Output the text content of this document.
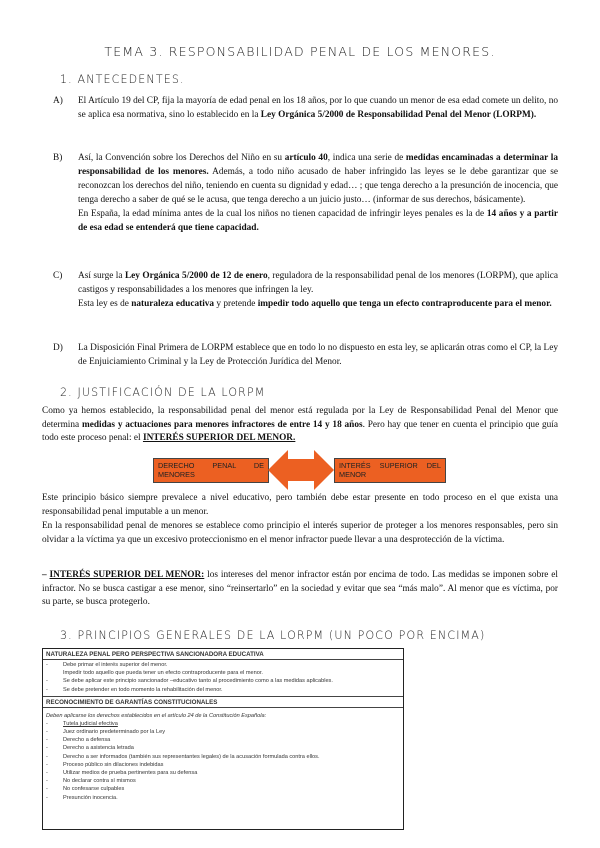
TEMA 3. RESPONSABILIDAD PENAL DE LOS MENORES.
1. ANTECEDENTES.
A) El Artículo 19 del CP, fija la mayoría de edad penal en los 18 años, por lo que cuando un menor de esa edad comete un delito, no se aplica esa normativa, sino lo establecido en la Ley Orgánica 5/2000 de Responsabilidad Penal del Menor (LORPM).

B) Así, la Convención sobre los Derechos del Niño en su artículo 40, indica una serie de medidas encaminadas a determinar la responsabilidad de los menores. Además, a todo niño acusado de haber infringido las leyes se le debe garantizar que se reconozcan los derechos del niño, teniendo en cuenta su dignidad y edad… ; que tenga derecho a la presunción de inocencia, que tenga derecho a saber de qué se le acusa, que tenga derecho a un juicio justo… (informar de sus derechos, básicamente).

En España, la edad mínima antes de la cual los niños no tienen capacidad de infringir leyes penales es la de 14 años y a partir de esa edad se entenderá que tiene capacidad.

C) Así surge la Ley Orgánica 5/2000 de 12 de enero, reguladora de la responsabilidad penal de los menores (LORPM), que aplica castigos y responsabilidades a los menores que infringen la ley.

Esta ley es de naturaleza educativa y pretende impedir todo aquello que tenga un efecto contraproducente para el menor.

D) La Disposición Final Primera de LORPM establece que en todo lo no dispuesto en esta ley, se aplicarán otras como el CP, la Ley de Enjuiciamiento Criminal y la Ley de Protección Jurídica del Menor.

2. JUSTIFICACIÓN DE LA LORPM

Como ya hemos establecido, la responsabilidad penal del menor está regulada por la Ley de Responsabilidad Penal del Menor que determina medidas y actuaciones para menores infractores de entre 14 y 18 años. Pero hay que tener en cuenta el principio que guía todo este proceso penal: el INTERÉS SUPERIOR DEL MENOR.

DERECHO PENAL DE MENORES
INTERÉS SUPERIOR DEL MENOR

Este principio básico siempre prevalece a nivel educativo, pero también debe estar presente en todo proceso en el que exista una responsabilidad penal imputable a un menor.

En la responsabilidad penal de menores se establece como principio el interés superior de proteger a los menores responsables, pero sin olvidar a la víctima ya que un excesivo proteccionismo en el menor infractor puede llevar a una desprotección de la víctima.

– INTERÉS SUPERIOR DEL MENOR: los intereses del menor infractor están por encima de todo. Las medidas se imponen sobre el infractor. No se busca castigar a ese menor, sino “reinsertarlo” en la sociedad y evitar que sea “más malo”. Al menor que es víctima, por su parte, se busca protegerlo.

3. PRINCIPIOS GENERALES DE LA LORPM (UN POCO POR ENCIMA)
NATURALEZA PENAL PERO PERSPECTIVA SANCIONADORA EDUCATIVA
-	Debe primar el interés superior del menor.
Impedir todo aquello que pueda tener un efecto contraproducente para el menor.
-	Se debe aplicar este principio sancionador –educativo tanto al procedimiento como a las medidas aplicables.
-	Se debe pretender en todo momento la rehabilitación del menor.
RECONOCIMIENTO DE GARANTÍAS CONSTITUCIONALES
Deben aplicarse los derechos establecidos en el artículo 24 de la Constitución Española:
-	Tutela judicial efectiva
-	Juez ordinario predeterminado por la Ley
-	Derecho a defensa
-	Derecho a asistencia letrada
-	Derecho a ser informados (también sus representantes legales) de la acusación formulada contra ellos.
-	Proceso público sin dilaciones indebidas
-	Utilizar medios de prueba pertinentes para su defensa
-	No declarar contra sí mismos
-	No confesarse culpables
-	Presunción inocencia.
